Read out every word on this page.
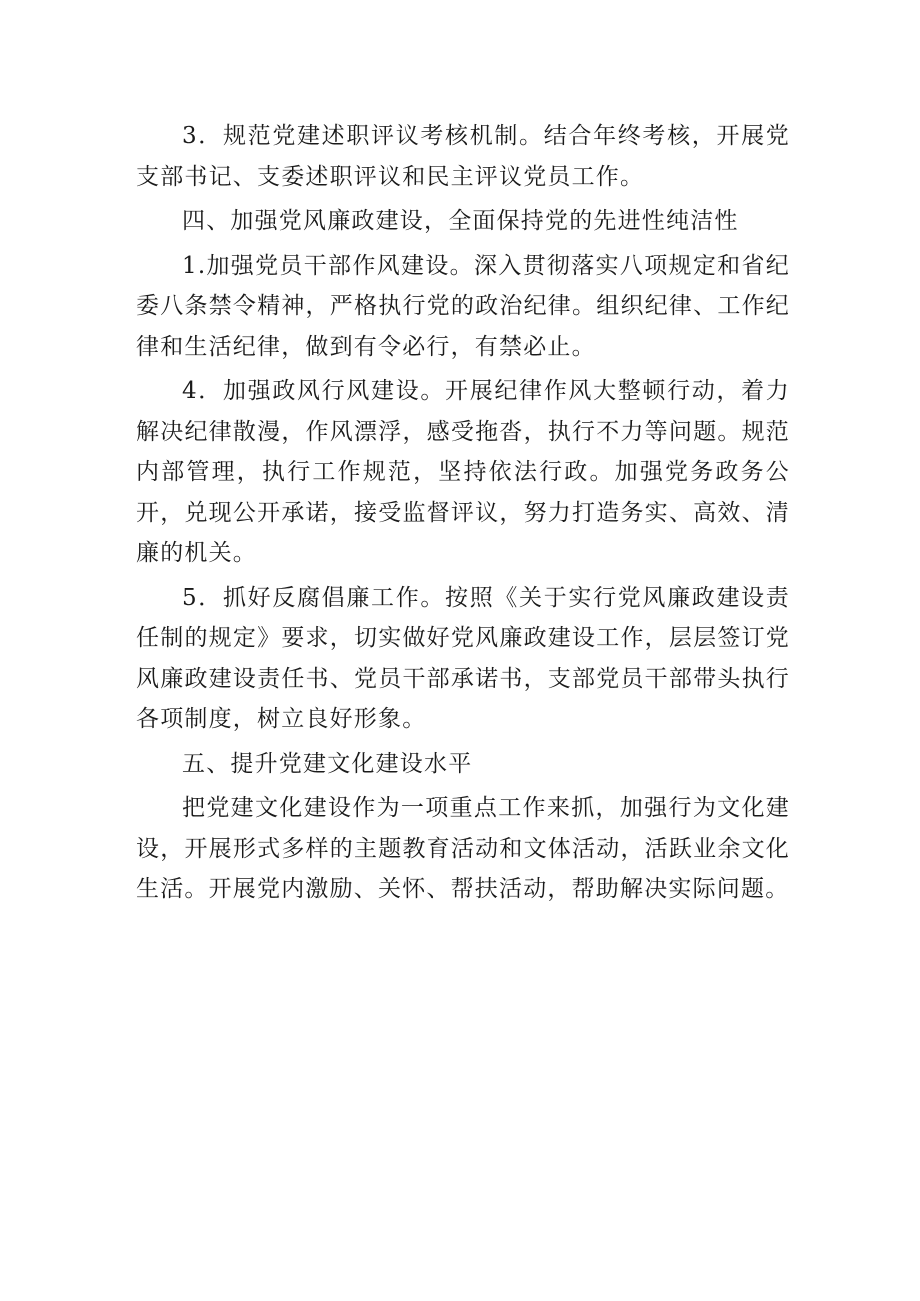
3．规范党建述职评议考核机制。结合年终考核，开展党支部书记、支委述职评议和民主评议党员工作。

四、加强党风廉政建设，全面保持党的先进性纯洁性

1.加强党员干部作风建设。深入贯彻落实八项规定和省纪委八条禁令精神，严格执行党的政治纪律。组织纪律、工作纪律和生活纪律，做到有令必行，有禁必止。

4．加强政风行风建设。开展纪律作风大整顿行动，着力解决纪律散漫，作风漂浮，感受拖沓，执行不力等问题。规范内部管理，执行工作规范，坚持依法行政。加强党务政务公开，兑现公开承诺，接受监督评议，努力打造务实、高效、清廉的机关。

5．抓好反腐倡廉工作。按照《关于实行党风廉政建设责任制的规定》要求，切实做好党风廉政建设工作，层层签订党风廉政建设责任书、党员干部承诺书，支部党员干部带头执行各项制度，树立良好形象。

五、提升党建文化建设水平

把党建文化建设作为一项重点工作来抓，加强行为文化建设，开展形式多样的主题教育活动和文体活动，活跃业余文化生活。开展党内激励、关怀、帮扶活动，帮助解决实际问题。
